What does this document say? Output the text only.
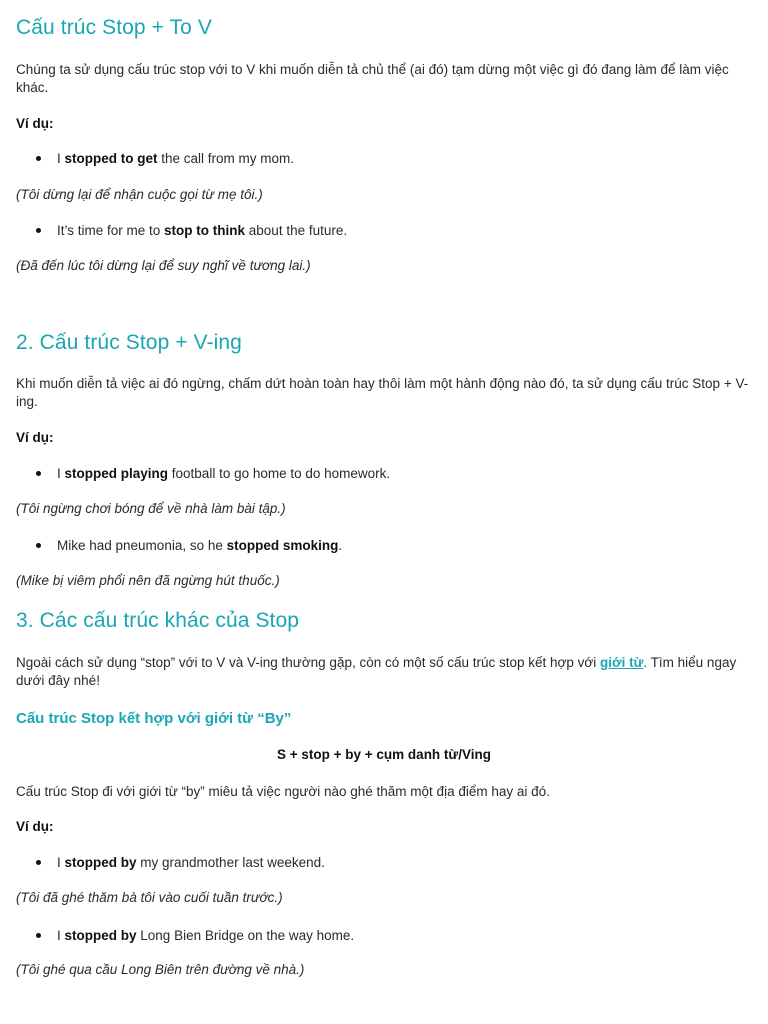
Cấu trúc Stop + To V

Chúng ta sử dụng cấu trúc stop với to V khi muốn diễn tả chủ thể (ai đó) tạm dừng một việc gì đó đang làm để làm việc khác.

Ví dụ:

I stopped to get the call from my mom.

(Tôi dừng lại để nhận cuộc gọi từ mẹ tôi.)

It’s time for me to stop to think about the future.

(Đã đến lúc tôi dừng lại để suy nghĩ về tương lai.)

2. Cấu trúc Stop + V-ing

Khi muốn diễn tả việc ai đó ngừng, chấm dứt hoàn toàn hay thôi làm một hành động nào đó, ta sử dụng cấu trúc Stop + V-ing.

Ví dụ:

I stopped playing football to go home to do homework.

(Tôi ngừng chơi bóng để về nhà làm bài tập.)

Mike had pneumonia, so he stopped smoking.

(Mike bị viêm phổi nên đã ngừng hút thuốc.)

3. Các cấu trúc khác của Stop

Ngoài cách sử dụng “stop” với to V và V-ing thường gặp, còn có một số cấu trúc stop kết hợp với giới từ. Tìm hiểu ngay dưới đây nhé!

Cấu trúc Stop kết hợp với giới từ “By”

S + stop + by + cụm danh từ/Ving

Cấu trúc Stop đi với giới từ “by” miêu tả việc người nào ghé thăm một địa điểm hay ai đó.

Ví dụ:

I stopped by my grandmother last weekend.

(Tôi đã ghé thăm bà tôi vào cuối tuần trước.)

I stopped by Long Bien Bridge on the way home.

(Tôi ghé qua cầu Long Biên trên đường về nhà.)
